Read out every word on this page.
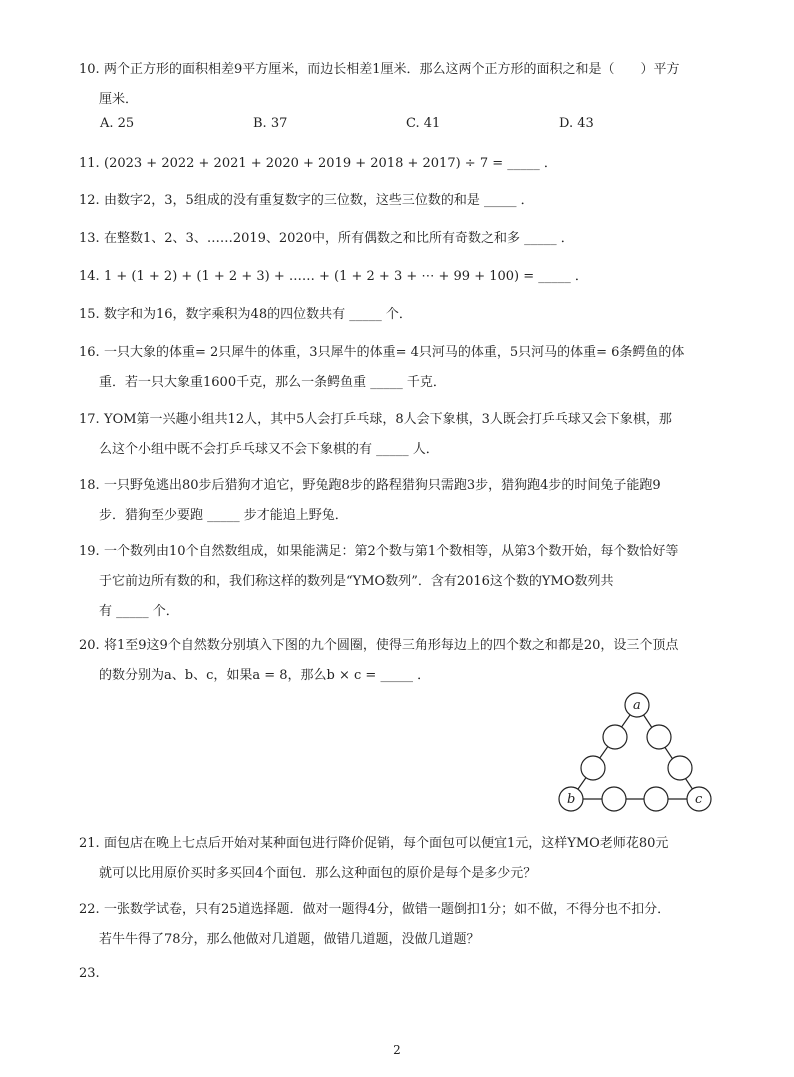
10. 两个正方形的面积相差9平方厘米，而边长相差1厘米．那么这两个正方形的面积之和是（　　）平方
厘米．
A. 25	B. 37	C. 41	D. 43
11. (2023 + 2022 + 2021 + 2020 + 2019 + 2018 + 2017) ÷ 7 = _____ ．
12. 由数字2，3，5组成的没有重复数字的三位数，这些三位数的和是 _____ ．
13. 在整数1、2、3、……2019、2020中，所有偶数之和比所有奇数之和多 _____ ．
14. 1 + (1 + 2) + (1 + 2 + 3) + …… + (1 + 2 + 3 + ⋯ + 99 + 100) = _____ ．
15. 数字和为16，数字乘积为48的四位数共有 _____ 个．
16. 一只大象的体重= 2只犀牛的体重，3只犀牛的体重= 4只河马的体重，5只河马的体重= 6条鳄鱼的体
重．若一只大象重1600千克，那么一条鳄鱼重 _____ 千克．
17. YOM第一兴趣小组共12人，其中5人会打乒乓球，8人会下象棋，3人既会打乒乓球又会下象棋，那
么这个小组中既不会打乒乓球又不会下象棋的有 _____ 人．
18. 一只野兔逃出80步后猎狗才追它，野兔跑8步的路程猎狗只需跑3步，猎狗跑4步的时间兔子能跑9
步．猎狗至少要跑 _____ 步才能追上野兔．
19. 一个数列由10个自然数组成，如果能满足：第2个数与第1个数相等，从第3个数开始，每个数恰好等
于它前边所有数的和，我们称这样的数列是“YMO数列”．含有2016这个数的YMO数列共
有 _____ 个．
20. 将1至9这9个自然数分别填入下图的九个圆圈，使得三角形每边上的四个数之和都是20，设三个顶点
的数分别为a、b、c，如果a = 8，那么b × c = _____ ．
a
b	c
21. 面包店在晚上七点后开始对某种面包进行降价促销，每个面包可以便宜1元，这样YMO老师花80元
就可以比用原价买时多买回4个面包．那么这种面包的原价是每个是多少元？
22. 一张数学试卷，只有25道选择题．做对一题得4分，做错一题倒扣1分；如不做，不得分也不扣分．
若牛牛得了78分，那么他做对几道题，做错几道题，没做几道题？
23.
2
